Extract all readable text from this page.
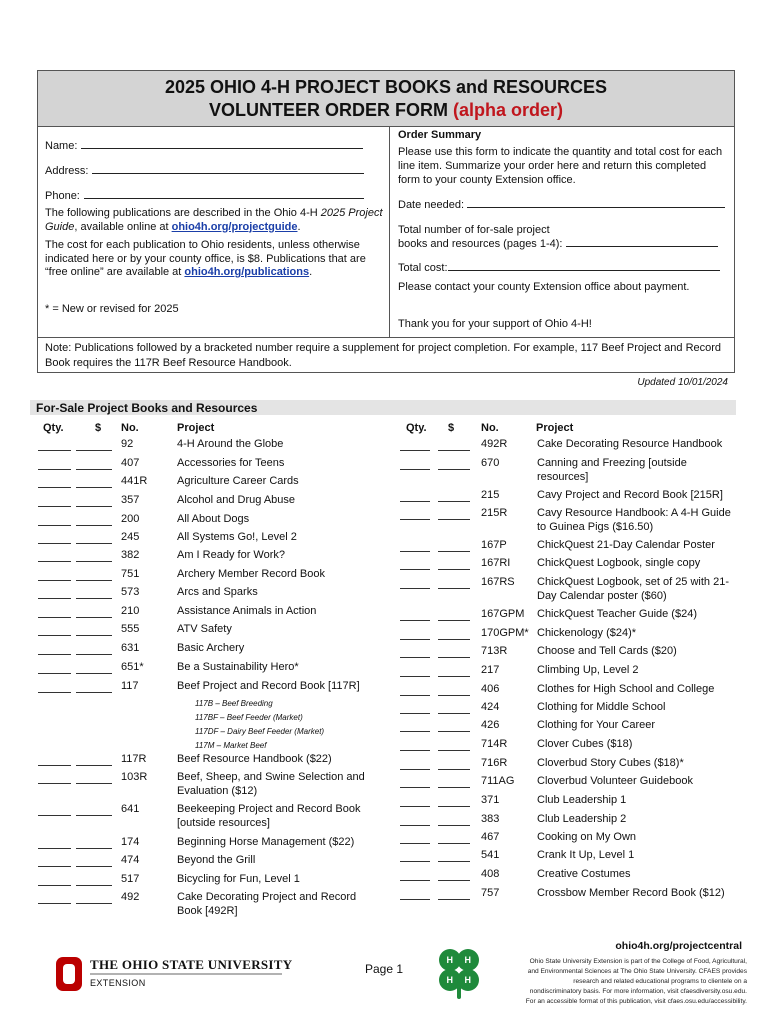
2025 OHIO 4-H PROJECT BOOKS and RESOURCES
VOLUNTEER ORDER FORM (alpha order)
Name:
Address:
Phone:
The following publications are described in the Ohio 4-H 2025 Project Guide, available online at ohio4h.org/projectguide.
The cost for each publication to Ohio residents, unless otherwise indicated here or by your county office, is $8. Publications that are “free online” are available at ohio4h.org/publications.
* = New or revised for 2025
Order Summary
Please use this form to indicate the quantity and total cost for each line item. Summarize your order here and return this completed form to your county Extension office.
Date needed:
Total number of for-sale project
books and resources (pages 1-4):
Total cost:
Please contact your county Extension office about payment.
Thank you for your support of Ohio 4-H!
Note: Publications followed by a bracketed number require a supplement for project completion. For example, 117 Beef Project and Record Book requires the 117R Beef Resource Handbook.
Updated 10/01/2024
For-Sale Project Books and Resources
Qty.	$ No.	Project	Qty. $ No.	Project
92	4-H Around the Globe
407	Accessories for Teens
441R	Agriculture Career Cards
357	Alcohol and Drug Abuse
200	All About Dogs
245	All Systems Go!, Level 2
382	Am I Ready for Work?
751	Archery Member Record Book
573	Arcs and Sparks
210	Assistance Animals in Action
555	ATV Safety
631	Basic Archery
651*	Be a Sustainability Hero*
117	Beef Project and Record Book [117R]
117R	Beef Resource Handbook ($22)
103R	Beef, Sheep, and Swine Selection and Evaluation ($12)
641	Beekeeping Project and Record Book [outside resources]
174	Beginning Horse Management ($22)
474	Beyond the Grill
517	Bicycling for Fun, Level 1
492	Cake Decorating Project and Record Book [492R]
492R	Cake Decorating Resource Handbook
670	Canning and Freezing [outside resources]
215	Cavy Project and Record Book [215R]
215R	Cavy Resource Handbook: A 4-H Guide to Guinea Pigs ($16.50)
167P	ChickQuest 21-Day Calendar Poster
167RI	ChickQuest Logbook, single copy
167RS	ChickQuest Logbook, set of 25 with 21-Day Calendar poster ($60)
167GPM	ChickQuest Teacher Guide ($24)
170GPM* Chickenology ($24)*
713R	Choose and Tell Cards ($20)
217	Climbing Up, Level 2
406	Clothes for High School and College
424	Clothing for Middle School
426	Clothing for Your Career
714R	Clover Cubes ($18)
716R	Cloverbud Story Cubes ($18)*
711AG	Cloverbud Volunteer Guidebook
371	Club Leadership 1
383	Club Leadership 2
467	Cooking on My Own
541	Crank It Up, Level 1
408	Creative Costumes
757	Crossbow Member Record Book ($12)
117B – Beef Breeding
117BF – Beef Feeder (Market)
117DF – Dairy Beef Feeder (Market)
117M – Market Beef
THE OHIO STATE UNIVERSITY
EXTENSION
Page 1
H H
H H
ohio4h.org/projectcentral
Ohio State University Extension is part of the College of Food, Agricultural, and Environmental Sciences at The Ohio State University. CFAES provides research and related educational programs to clientele on a nondiscriminatory basis. For more information, visit cfaesdiversity.osu.edu. For an accessible format of this publication, visit cfaes.osu.edu/accessibility.
